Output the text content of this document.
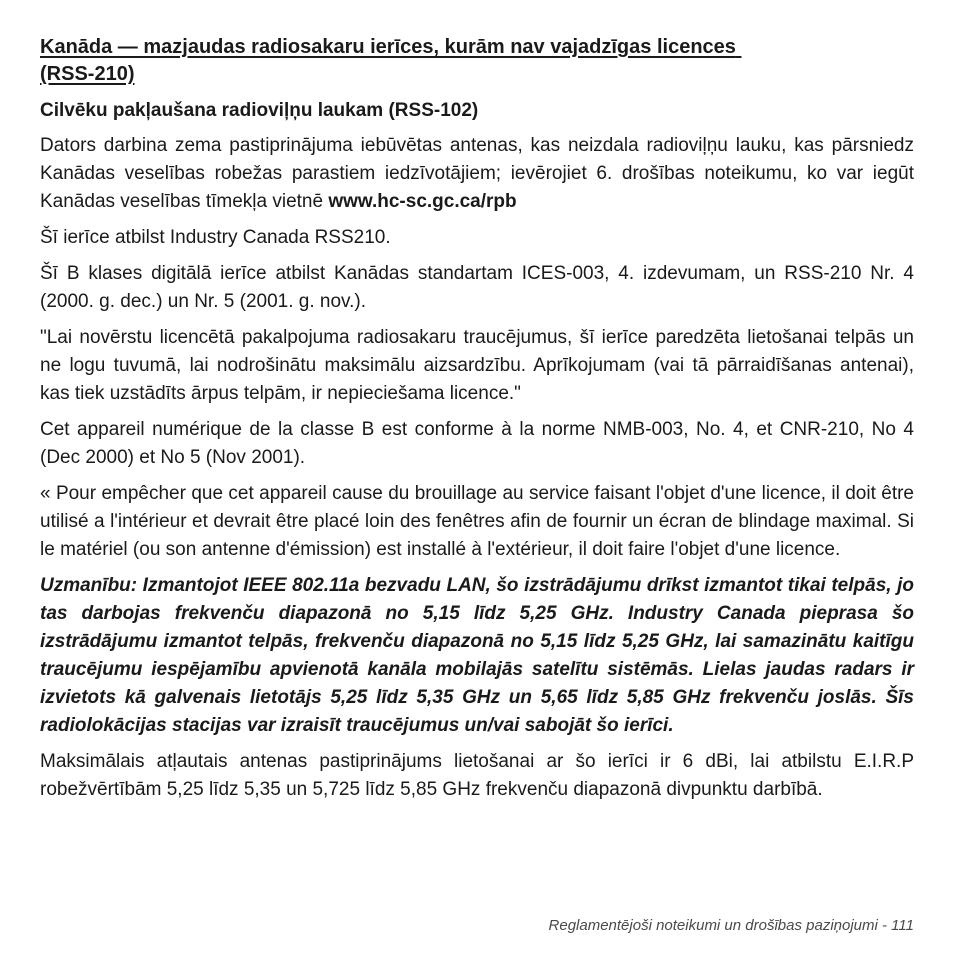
Kanāda — mazjaudas radiosakaru ierīces, kurām nav vajadzīgas licences
(RSS-210)
Cilvēku pakļaušana radioviļņu laukam (RSS-102)

Dators darbina zema pastiprinājuma iebūvētas antenas, kas neizdala radioviļņu lauku, kas pārsniedz Kanādas veselības robežas parastiem iedzīvotājiem; ievērojiet 6. drošības noteikumu, ko var iegūt Kanādas veselības tīmekļa vietnē www.hc-sc.gc.ca/rpb

Šī ierīce atbilst Industry Canada RSS210.

Šī B klases digitālā ierīce atbilst Kanādas standartam ICES-003, 4. izdevumam, un RSS-210 Nr. 4 (2000. g. dec.) un Nr. 5 (2001. g. nov.).

"Lai novērstu licencētā pakalpojuma radiosakaru traucējumus, šī ierīce paredzēta lietošanai telpās un ne logu tuvumā, lai nodrošinātu maksimālu aizsardzību. Aprīkojumam (vai tā pārraidīšanas antenai), kas tiek uzstādīts ārpus telpām, ir nepieciešama licence."

Cet appareil numérique de la classe B est conforme à la norme NMB-003, No. 4, et CNR-210, No 4 (Dec 2000) et No 5 (Nov 2001).

« Pour empêcher que cet appareil cause du brouillage au service faisant l'objet d'une licence, il doit être utilisé a l'intérieur et devrait être placé loin des fenêtres afin de fournir un écran de blindage maximal. Si le matériel (ou son antenne d'émission) est installé à l'extérieur, il doit faire l'objet d'une licence.

Uzmanību: Izmantojot IEEE 802.11a bezvadu LAN, šo izstrādājumu drīkst izmantot tikai telpās, jo tas darbojas frekvenču diapazonā no 5,15 līdz 5,25 GHz. Industry Canada pieprasa šo izstrādājumu izmantot telpās, frekvenču diapazonā no 5,15 līdz 5,25 GHz, lai samazinātu kaitīgu traucējumu iespējamību apvienotā kanāla mobilajās satelītu sistēmās. Lielas jaudas radars ir izvietots kā galvenais lietotājs 5,25 līdz 5,35 GHz un 5,65 līdz 5,85 GHz frekvenču joslās. Šīs radiolokācijas stacijas var izraisīt traucējumus un/vai sabojāt šo ierīci.

Maksimālais atļautais antenas pastiprinājums lietošanai ar šo ierīci ir 6 dBi, lai atbilstu E.I.R.P robežvērtībām 5,25 līdz 5,35 un 5,725 līdz 5,85 GHz frekvenču diapazonā divpunktu darbībā.

Reglamentējoši noteikumi un drošības paziņojumi - 111
